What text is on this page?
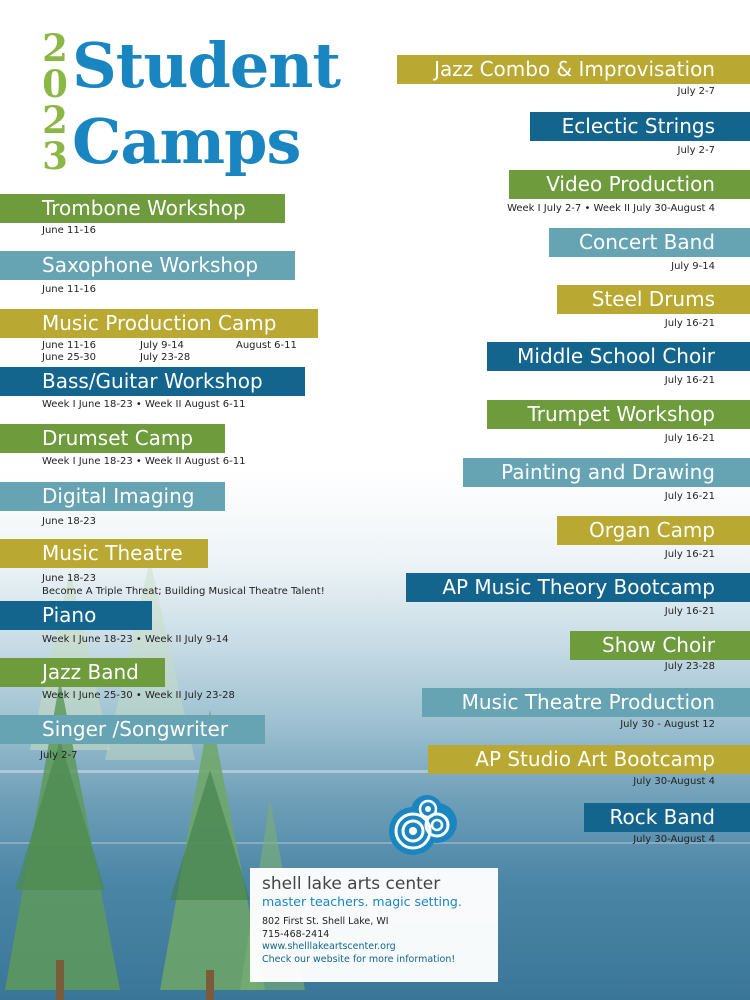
2
0
2
3
Student
Camps
Trombone Workshop
June 11-16
Saxophone Workshop
June 11-16
Music Production Camp
June 11-16	July 9-14	August 6-11
June 25-30	July 23-28
Bass/Guitar Workshop
Week I June 18-23 • Week II August 6-11
Drumset Camp
Week I June 18-23 • Week II August 6-11
Digital Imaging
June 18-23
Music Theatre
June 18-23
Become A Triple Threat; Building Musical Theatre Talent!
Piano
Week I June 18-23 • Week II July 9-14
Jazz Band
Week I June 25-30 • Week II July 23-28
Singer /Songwriter
July 2-7
Jazz Combo & Improvisation
July 2-7
Eclectic Strings
July 2-7
Video Production
Week I July 2-7 • Week II July 30-August 4
Concert Band
July 9-14
Steel Drums
July 16-21
Middle School Choir
July 16-21
Trumpet Workshop
July 16-21
Painting and Drawing
July 16-21
Organ Camp
July 16-21
AP Music Theory Bootcamp
July 16-21
Show Choir
July 23-28
Music Theatre Production
July 30 - August 12
AP Studio Art Bootcamp
July 30-August 4
Rock Band
July 30-August 4
shell lake arts center
master teachers. magic setting.
802 First St. Shell Lake, WI
715-468-2414
www.shelllakeartscenter.org
Check our website for more information!
